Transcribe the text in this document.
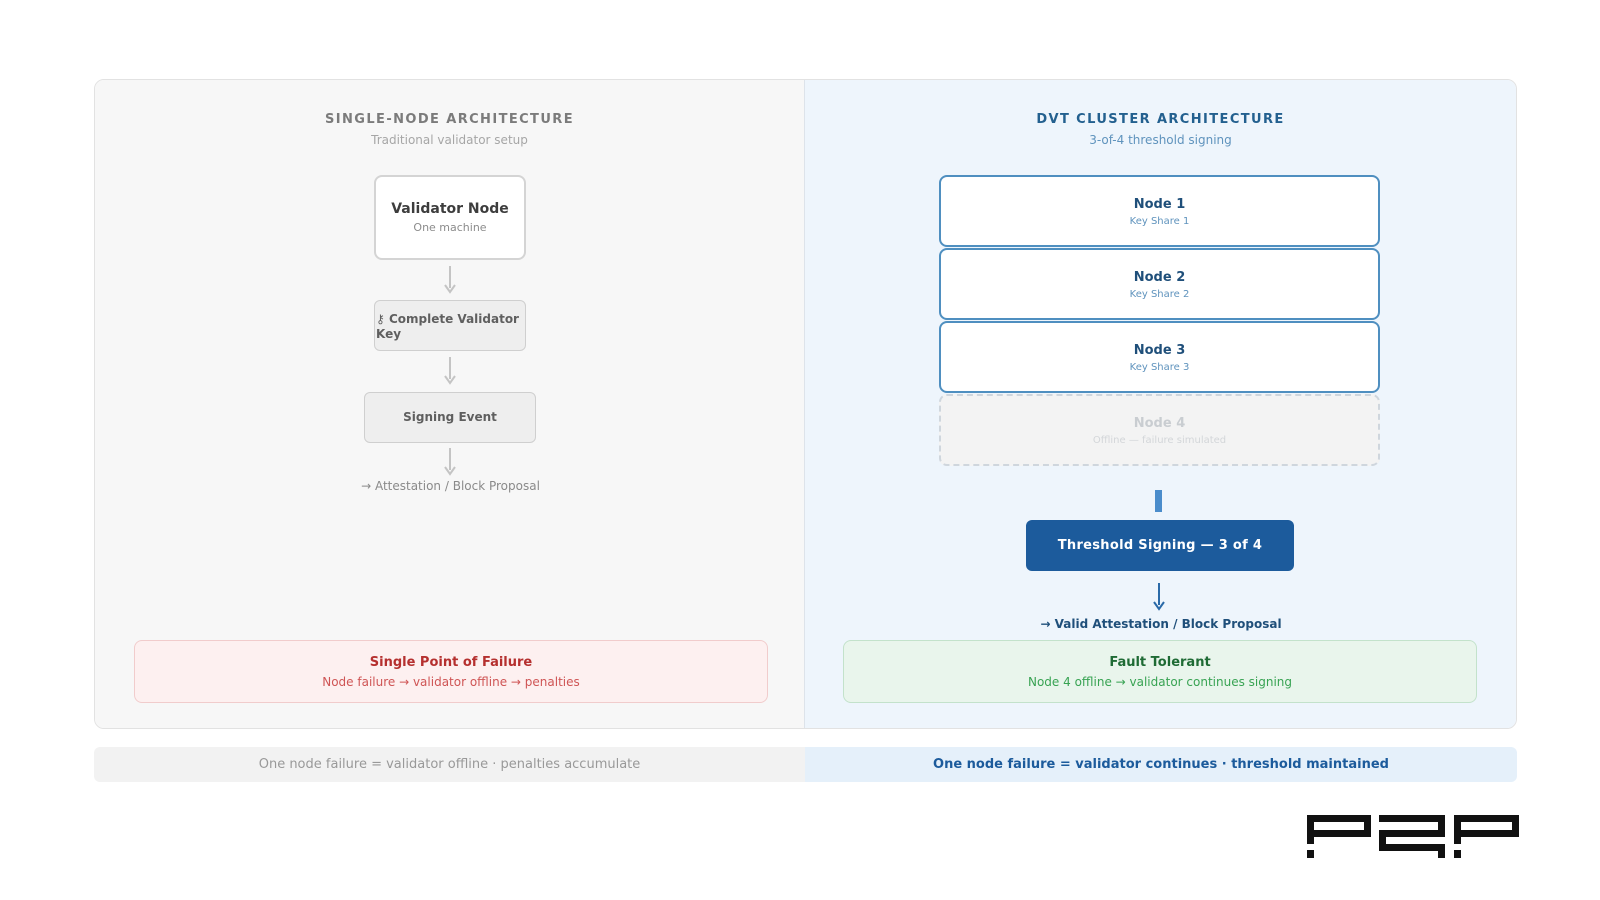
SINGLE-NODE ARCHITECTURE
Traditional validator setup
Validator Node
One machine
⚷ Complete Validator Key
Signing Event
→ Attestation / Block Proposal
Single Point of Failure
Node failure → validator offline → penalties
DVT CLUSTER ARCHITECTURE
3-of-4 threshold signing
Node 1
Key Share 1
Node 2
Key Share 2
Node 3
Key Share 3
Node 4
Offline — failure simulated
Threshold Signing — 3 of 4
→ Valid Attestation / Block Proposal
Fault Tolerant
Node 4 offline → validator continues signing
One node failure = validator offline · penalties accumulate	One node failure = validator continues · threshold maintained
